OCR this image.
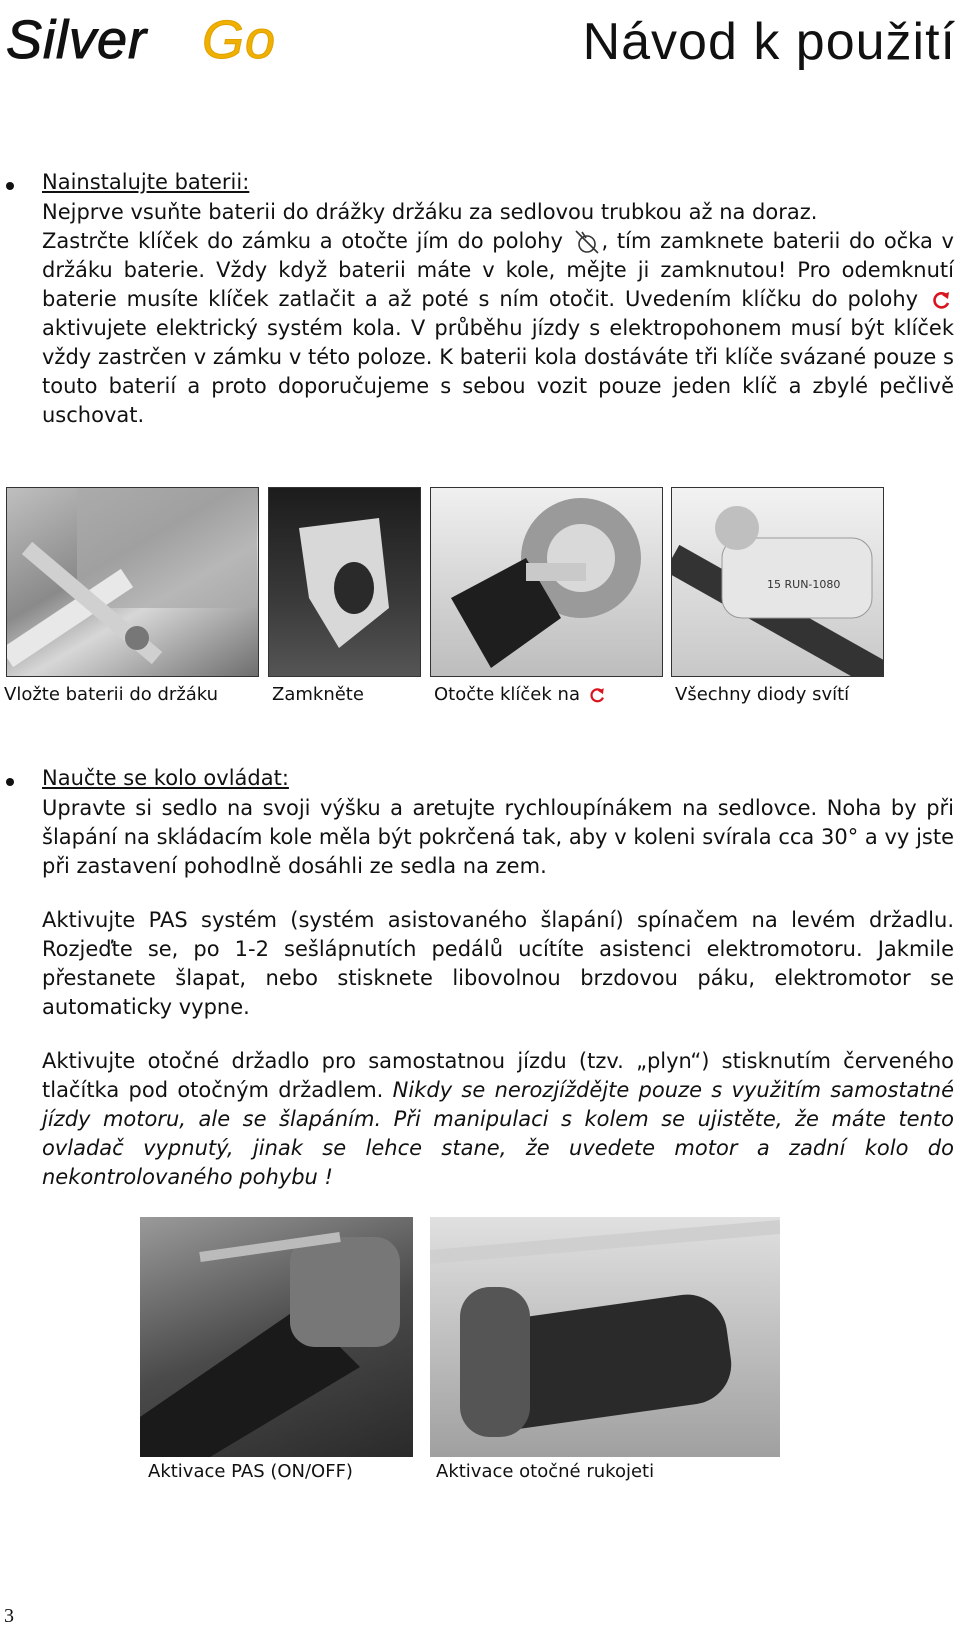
Silver Go	Návod k použití
Nainstalujte baterii:

Nejprve vsuňte baterii do drážky držáku za sedlovou trubkou až na doraz.

Zastrčte klíček do zámku a otočte jím do polohy , tím zamknete baterii do očka v držáku baterie. Vždy když baterii máte v kole, mějte ji zamknutou! Pro odemknutí baterie musíte klíček zatlačit a až poté s ním otočit. Uvedením klíčku do polohy  aktivujete elektrický systém kola. V průběhu jízdy s elektropohonem musí být klíček vždy zastrčen v zámku v této poloze. K baterii kola dostáváte tři klíče svázané pouze s touto baterií a proto doporučujeme s sebou vozit pouze jeden klíč a zbylé pečlivě uschovat.

15 RUN-1080
Vložte baterii do držáku	Zamkněte	Otočte klíček na	Všechny diody svítí
Naučte se kolo ovládat:

Upravte si sedlo na svoji výšku a aretujte rychloupínákem na sedlovce. Noha by při šlapání na skládacím kole měla být pokrčená tak, aby v koleni svírala cca 30° a vy jste při zastavení pohodlně dosáhli ze sedla na zem.

Aktivujte PAS systém (systém asistovaného šlapání) spínačem na levém držadlu. Rozjeďte se, po 1-2 sešlápnutích pedálů ucítíte asistenci elektromotoru. Jakmile přestanete šlapat, nebo stisknete libovolnou brzdovou páku, elektromotor se automaticky vypne.

Aktivujte otočné držadlo pro samostatnou jízdu (tzv. „plyn“) stisknutím červeného tlačítka pod otočným držadlem. Nikdy se nerozjíždějte pouze s využitím samostatné jízdy motoru, ale se šlapáním. Při manipulaci s kolem se ujistěte, že máte tento ovladač vypnutý, jinak se lehce stane, že uvedete motor a zadní kolo do nekontrolovaného pohybu !

Aktivace PAS (ON/OFF)	Aktivace otočné rukojeti
3
